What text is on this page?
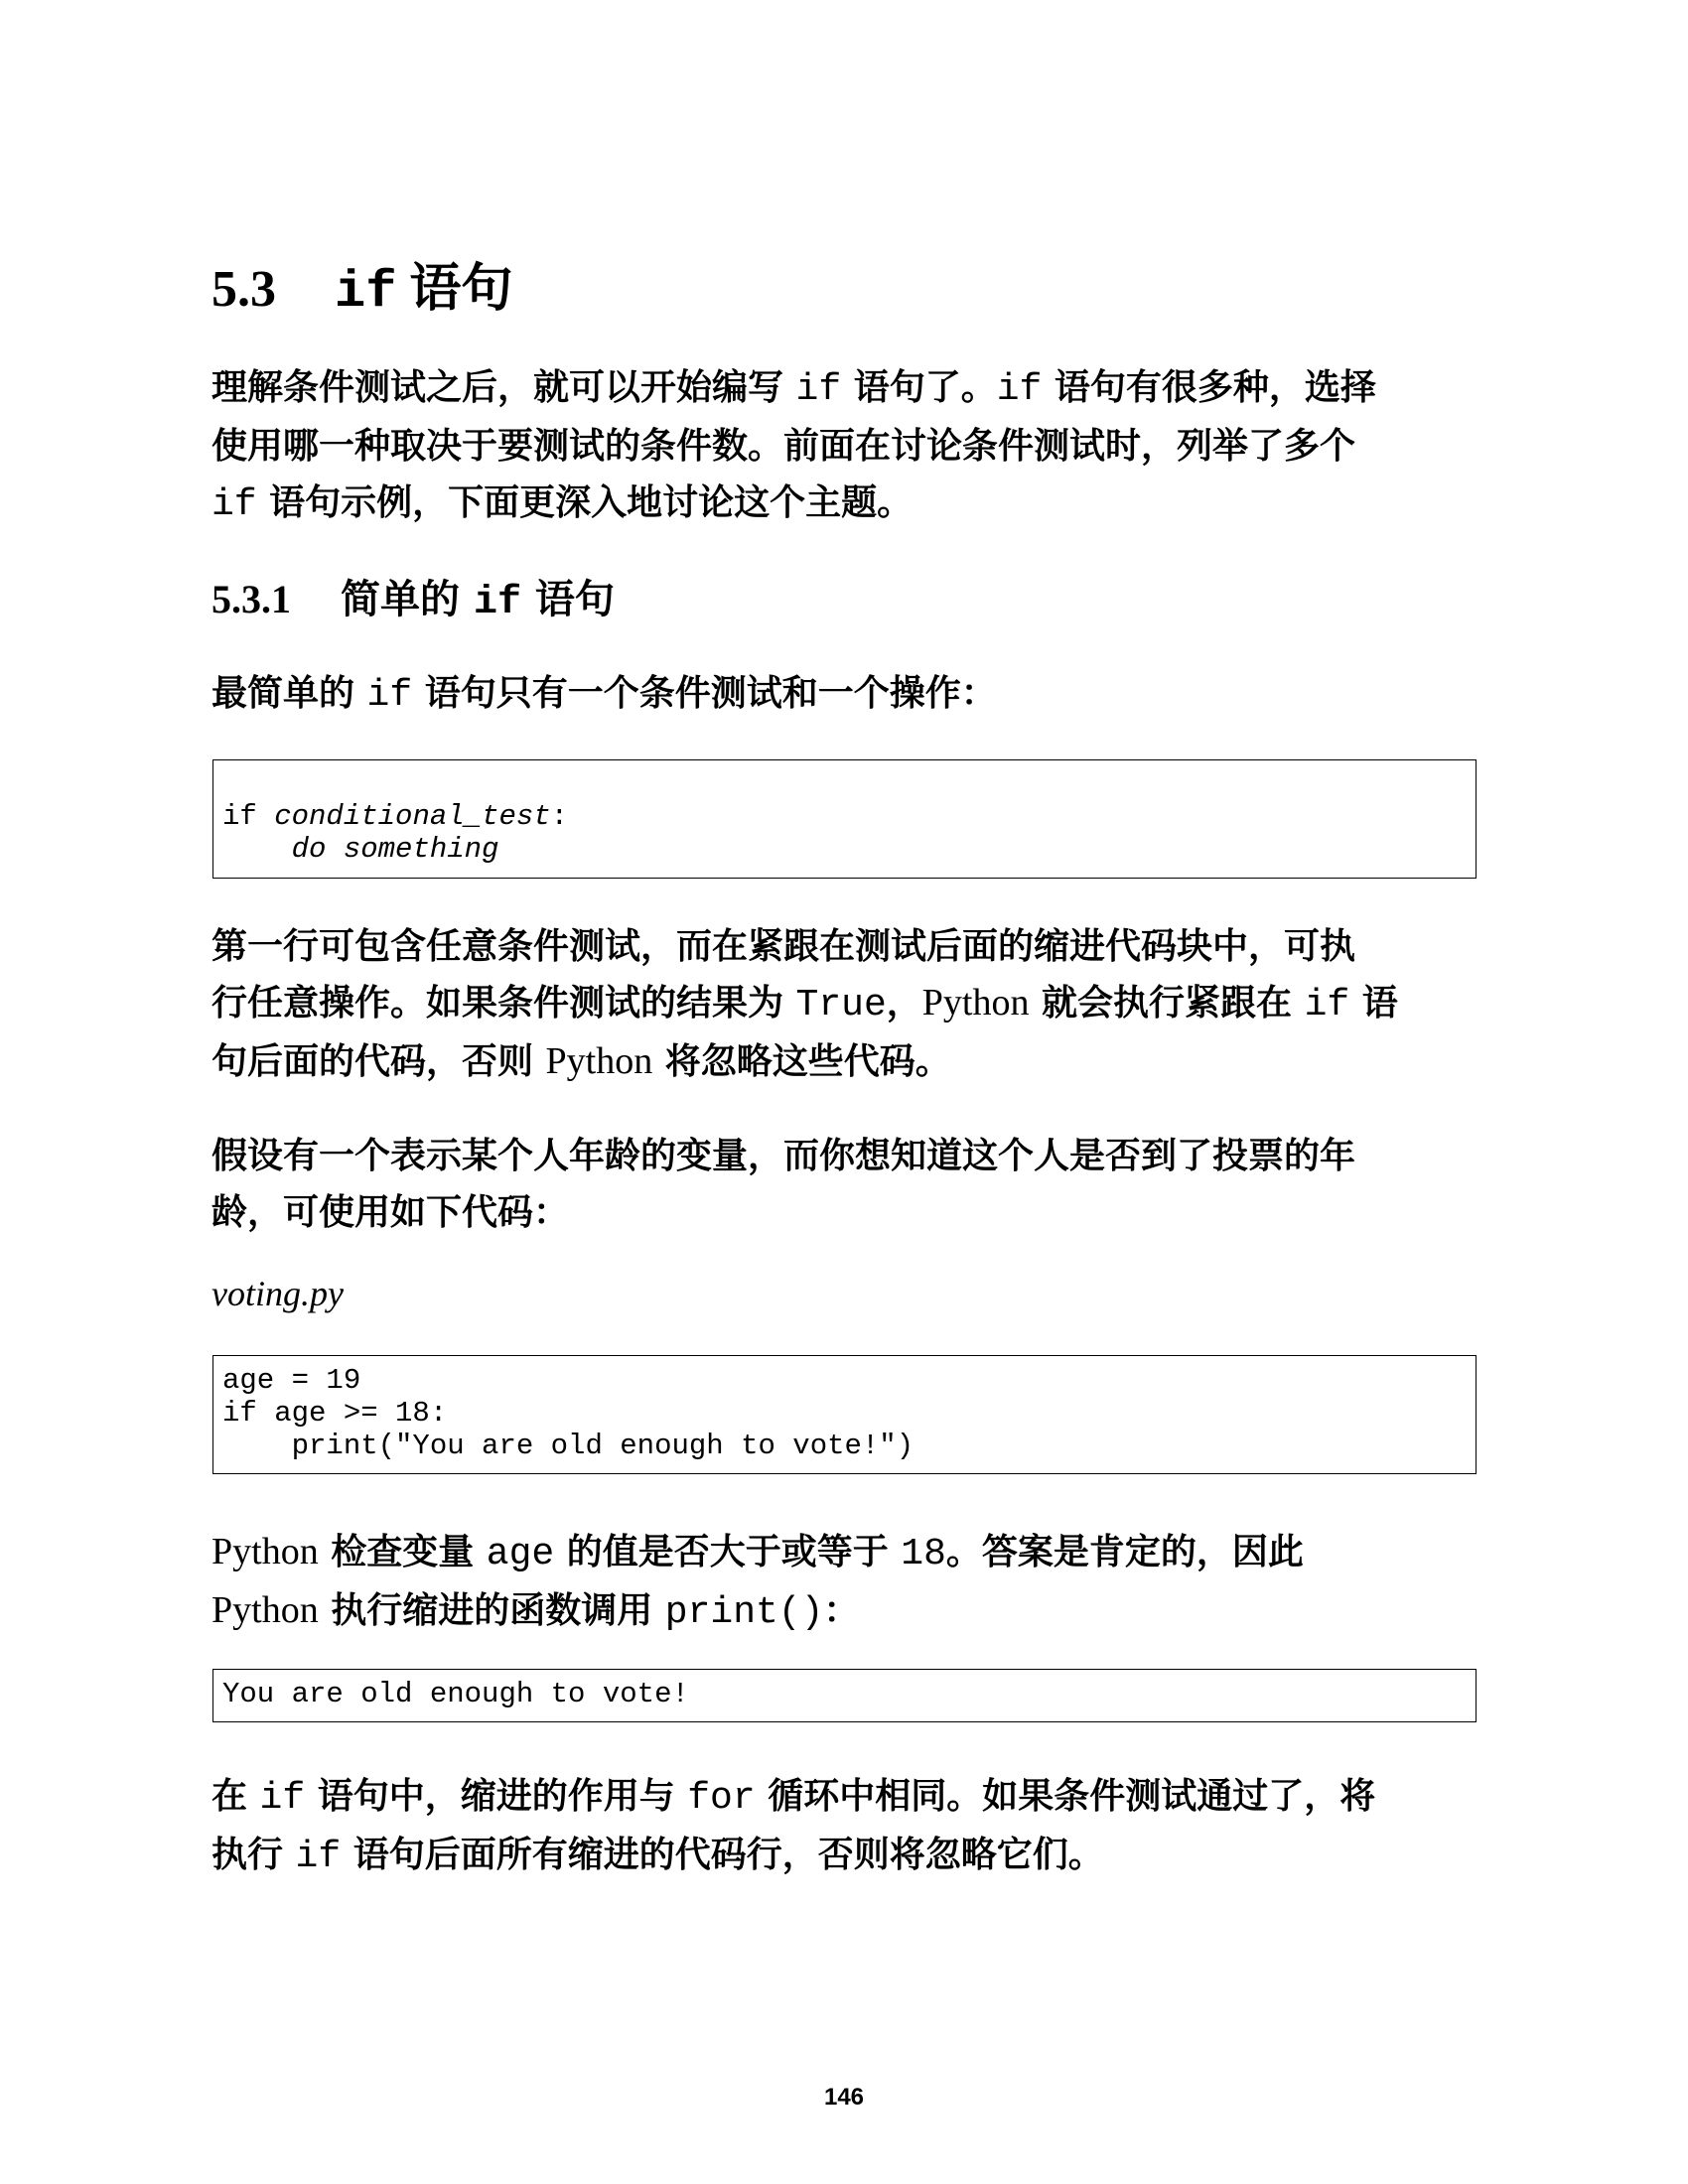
5.3 if 语句
理解条件测试之后，就可以开始编写 if 语句了。if 语句有很多种，选择
使用哪一种取决于要测试的条件数。前面在讨论条件测试时，列举了多个
if 语句示例，下面更深入地讨论这个主题。
5.3.1 简单的 if 语句
最简单的 if 语句只有一个条件测试和一个操作：
if conditional_test:
do something
第一行可包含任意条件测试，而在紧跟在测试后面的缩进代码块中，可执
行任意操作。如果条件测试的结果为 True，Python 就会执行紧跟在 if 语
句后面的代码，否则 Python 将忽略这些代码。
假设有一个表示某个人年龄的变量，而你想知道这个人是否到了投票的年
龄，可使用如下代码：
voting.py
age = 19
if age >= 18:
print("You are old enough to vote!")
Python 检查变量 age 的值是否大于或等于 18。答案是肯定的，因此
Python 执行缩进的函数调用 print()：
You are old enough to vote!
在 if 语句中，缩进的作用与 for 循环中相同。如果条件测试通过了，将
执行 if 语句后面所有缩进的代码行，否则将忽略它们。
146
